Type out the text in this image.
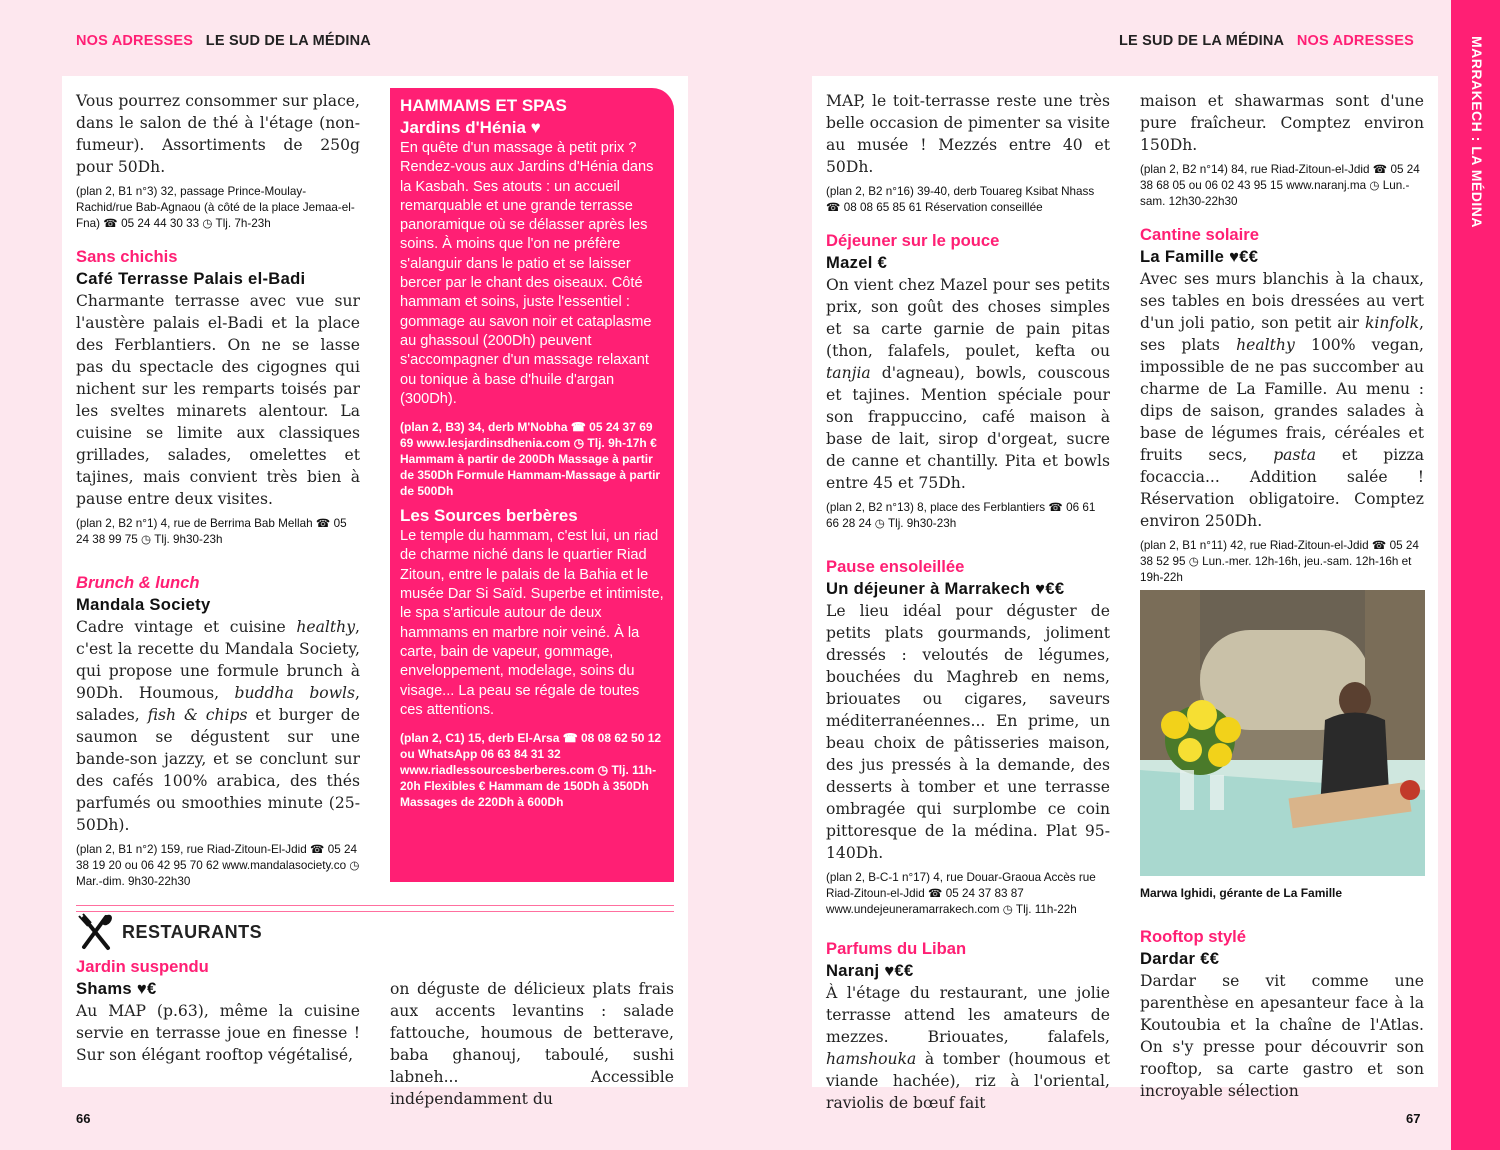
NOS ADRESSES LE SUD DE LA MÉDINA	LE SUD DE LA MÉDINA NOS ADRESSES

Vous pourrez consommer sur place, dans le salon de thé à l'étage (non-fumeur). Assortiments de 250g pour 50Dh.

(plan 2, B1 n°3) 32, passage Prince-Moulay-Rachid/rue Bab-Agnaou (à côté de la place Jemaa-el-Fna) ☎ 05 24 44 30 33 ◷ Tlj. 7h-23h

Sans chichis
Café Terrasse Palais el-Badi

Charmante terrasse avec vue sur l'austère palais el-Badi et la place des Ferblantiers. On ne se lasse pas du spectacle des cigognes qui nichent sur les remparts toisés par les sveltes minarets alentour. La cuisine se limite aux classiques grillades, salades, omelettes et tajines, mais convient très bien à pause entre deux visites.

(plan 2, B2 n°1) 4, rue de Berrima Bab Mellah ☎ 05 24 38 99 75 ◷ Tlj. 9h30-23h

Brunch & lunch
Mandala Society

Cadre vintage et cuisine healthy, c'est la recette du Mandala Society, qui propose une formule brunch à 90Dh. Houmous, buddha bowls, salades, fish & chips et burger de saumon se dégustent sur une bande-son jazzy, et se conclunt sur des cafés 100% arabica, des thés parfumés ou smoothies minute (25-50Dh).

(plan 2, B1 n°2) 159, rue Riad-Zitoun-El-Jdid ☎ 05 24 38 19 20 ou 06 42 95 70 62 www.mandalasociety.co ◷ Mar.-dim. 9h30-22h30

RESTAURANTS
Jardin suspendu
Shams ♥€

Au MAP (p.63), même la cuisine servie en terrasse joue en finesse ! Sur son élégant rooftop végétalisé,

on déguste de délicieux plats frais aux accents levantins : salade fattouche, houmous de betterave, baba ghanouj, taboulé, sushi labneh... Accessible indépendamment du

HAMMAMS ET SPAS
Jardins d'Hénia ♥

En quête d'un massage à petit prix ? Rendez-vous aux Jardins d'Hénia dans la Kasbah. Ses atouts : un accueil remarquable et une grande terrasse panoramique où se délasser après les soins. À moins que l'on ne préfère s'alanguir dans le patio et se laisser bercer par le chant des oiseaux. Côté hammam et soins, juste l'essentiel : gommage au savon noir et cataplasme au ghassoul (200Dh) peuvent s'accompagner d'un massage relaxant ou tonique à base d'huile d'argan (300Dh).

(plan 2, B3) 34, derb M'Nobha ☎ 05 24 37 69 69 www.lesjardinsdhenia.com ◷ Tlj. 9h-17h € Hammam à partir de 200Dh Massage à partir de 350Dh Formule Hammam-Massage à partir de 500Dh

Les Sources berbères

Le temple du hammam, c'est lui, un riad de charme niché dans le quartier Riad Zitoun, entre le palais de la Bahia et le musée Dar Si Saïd. Superbe et intimiste, le spa s'articule autour de deux hammams en marbre noir veiné. À la carte, bain de vapeur, gommage, enveloppement, modelage, soins du visage... La peau se régale de toutes ces attentions.

(plan 2, C1) 15, derb El-Arsa ☎ 08 08 62 50 12 ou WhatsApp 06 63 84 31 32 www.riadlessourcesberberes.com ◷ Tlj. 11h-20h Flexibles € Hammam de 150Dh à 350Dh Massages de 220Dh à 600Dh

MAP, le toit-terrasse reste une très belle occasion de pimenter sa visite au musée ! Mezzés entre 40 et 50Dh.

(plan 2, B2 n°16) 39-40, derb Touareg Ksibat Nhass ☎ 08 08 65 85 61 Réservation conseillée

Déjeuner sur le pouce
Mazel €

On vient chez Mazel pour ses petits prix, son goût des choses simples et sa carte garnie de pain pitas (thon, falafels, poulet, kefta ou tanjia d'agneau), bowls, couscous et tajines. Mention spéciale pour son frappuccino, café maison à base de lait, sirop d'orgeat, sucre de canne et chantilly. Pita et bowls entre 45 et 75Dh.

(plan 2, B2 n°13) 8, place des Ferblantiers ☎ 06 61 66 28 24 ◷ Tlj. 9h30-23h

Pause ensoleillée
Un déjeuner à Marrakech ♥€€

Le lieu idéal pour déguster de petits plats gourmands, joliment dressés : veloutés de légumes, bouchées du Maghreb en nems, briouates ou cigares, saveurs méditerranéennes... En prime, un beau choix de pâtisseries maison, des jus pressés à la demande, des desserts à tomber et une terrasse ombragée qui surplombe ce coin pittoresque de la médina. Plat 95-140Dh.

(plan 2, B-C-1 n°17) 4, rue Douar-Graoua Accès rue Riad-Zitoun-el-Jdid ☎ 05 24 37 83 87 www.undejeuneramarrakech.com ◷ Tlj. 11h-22h

Parfums du Liban
Naranj ♥€€

À l'étage du restaurant, une jolie terrasse attend les amateurs de mezzes. Briouates, falafels, hamshouka à tomber (houmous et viande hachée), riz à l'oriental, raviolis de bœuf fait

maison et shawarmas sont d'une pure fraîcheur. Comptez environ 150Dh.

(plan 2, B2 n°14) 84, rue Riad-Zitoun-el-Jdid ☎ 05 24 38 68 05 ou 06 02 43 95 15 www.naranj.ma ◷ Lun.-sam. 12h30-22h30

Cantine solaire
La Famille ♥€€

Avec ses murs blanchis à la chaux, ses tables en bois dressées au vert d'un joli patio, son petit air kinfolk, ses plats healthy 100% vegan, impossible de ne pas succomber au charme de La Famille. Au menu : dips de saison, grandes salades à base de légumes frais, céréales et fruits secs, pasta et pizza focaccia... Addition salée ! Réservation obligatoire. Comptez environ 250Dh.

(plan 2, B1 n°11) 42, rue Riad-Zitoun-el-Jdid ☎ 05 24 38 52 95 ◷ Lun.-mer. 12h-16h, jeu.-sam. 12h-16h et 19h-22h

Marwa Ighidi, gérante de La Famille
Rooftop stylé
Dardar €€

Dardar se vit comme une parenthèse en apesanteur face à la Koutoubia et la chaîne de l'Atlas. On s'y presse pour découvrir son rooftop, sa carte gastro et son incroyable sélection

66	67
MARRAKECH : LA MÉDINA
